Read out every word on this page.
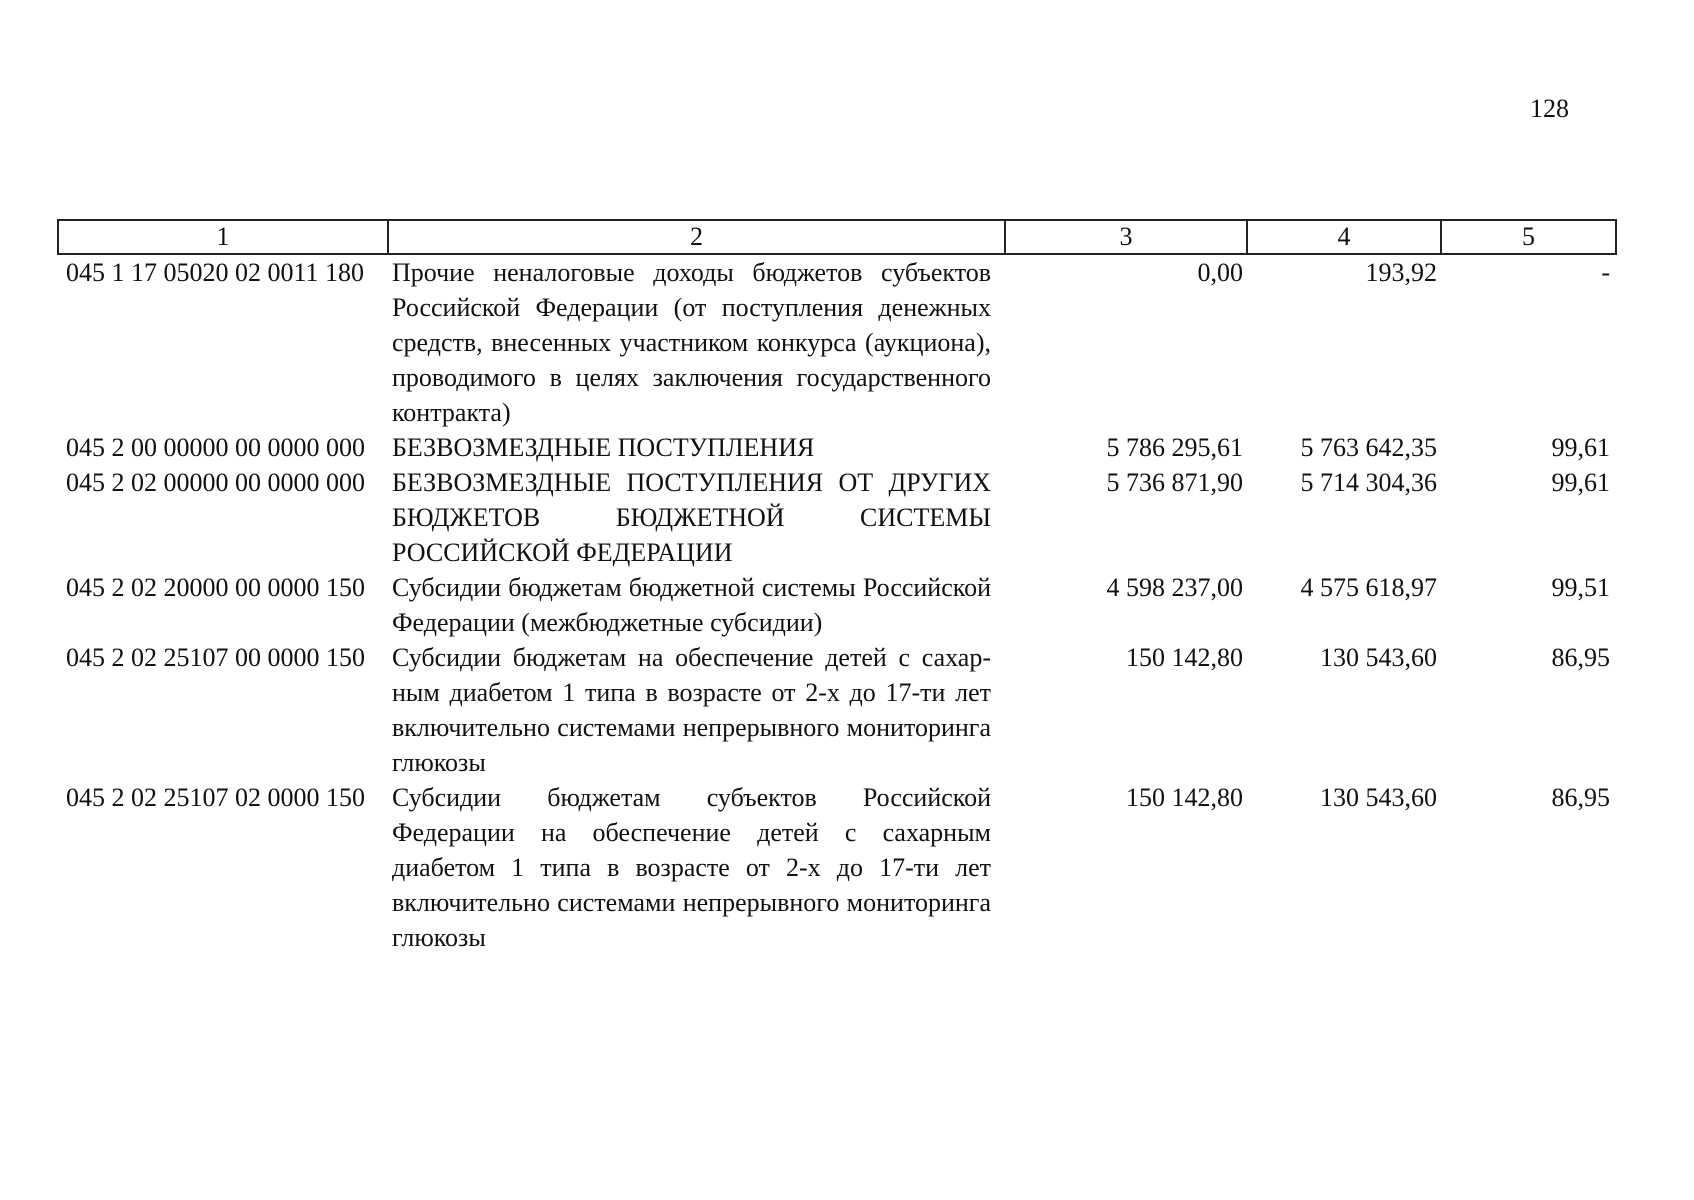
128
1	2	3	4	5
045 1 17 05020 02 0011 180	Прочие неналоговые доходы бюджетов субъектов Российской Федерации (от поступления денежных средств, внесенных участником конкурса (аукциона), проводимого в целях заключения государственного контракта)	0,00	193,92	-
045 2 00 00000 00 0000 000	БЕЗВОЗМЕЗДНЫЕ ПОСТУПЛЕНИЯ	5 786 295,61	5 763 642,35	99,61
045 2 02 00000 00 0000 000	БЕЗВОЗМЕЗДНЫЕ ПОСТУПЛЕНИЯ ОТ ДРУГИХ БЮДЖЕТОВ БЮДЖЕТНОЙ СИСТЕМЫ РОССИЙСКОЙ ФЕДЕРАЦИИ	5 736 871,90	5 714 304,36	99,61
045 2 02 20000 00 0000 150	Субсидии бюджетам бюджетной системы Российской Федерации (межбюджетные субсидии)	4 598 237,00	4 575 618,97	99,51
045 2 02 25107 00 0000 150	Субсидии бюджетам на обеспечение детей с сахар-ным диабетом 1 типа в возрасте от 2-х до 17-ти лет включительно системами непрерывного мониторинга глюкозы	150 142,80	130 543,60	86,95
045 2 02 25107 02 0000 150	Субсидии бюджетам субъектов Российской Федерации на обеспечение детей с сахарным диабетом 1 типа в возрасте от 2-х до 17-ти лет включительно системами непрерывного мониторинга глюкозы	150 142,80	130 543,60	86,95
